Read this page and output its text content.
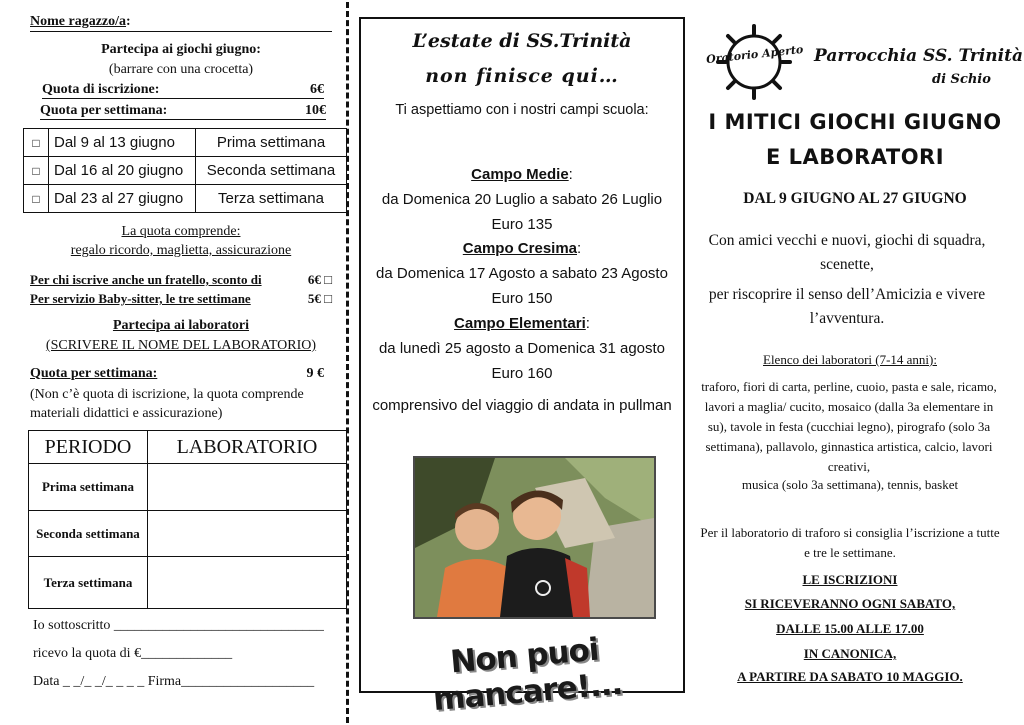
Nome ragazzo/a:
Partecipa ai giochi giugno:
(barrare con una crocetta)
Quota di iscrizione:	6€
Quota per settimana:	10€
□	Dal 9 al 13 giugno	Prima settimana
□	Dal 16 al 20 giugno	Seconda settimana
□	Dal 23 al 27 giugno	Terza settimana
La quota comprende:
regalo ricordo, maglietta, assicurazione
Per chi iscrive anche un fratello, sconto di	6€ □
Per servizio Baby-sitter, le tre settimane	5€ □
Partecipa ai laboratori
(SCRIVERE IL NOME DEL LABORATORIO)
Quota per settimana:	9 €
(Non c’è quota di iscrizione, la quota comprende materiali didattici e assicurazione)
PERIODO	LABORATORIO
Prima settimana	
Seconda settimana	
Terza settimana	
Io sottoscritto ______________________________
ricevo la quota di €_____________
Data _ _/_ _/_ _ _ _ Firma___________________
L’estate di SS.Trinità
non finisce qui…
Ti aspettiamo con i nostri campi scuola:
Campo Medie:
da Domenica 20 Luglio a sabato 26 Luglio
Euro 135
Campo Cresima:
da Domenica 17 Agosto a sabato 23 Agosto
Euro 150
Campo Elementari:
da lunedì 25 agosto a Domenica 31 agosto
Euro 160
comprensivo del viaggio di andata in pullman
Non puoi mancare!...
Oratorio Aperto Parrocchia SS. Trinità
di Schio
I MITICI GIOCHI GIUGNO
E LABORATORI
DAL 9 GIUGNO AL 27 GIUGNO
Con amici vecchi e nuovi, giochi di squadra, scenette,
per riscoprire il senso dell’Amicizia e vivere l’avventura.
Elenco dei laboratori (7-14 anni):
traforo, fiori di carta, perline, cuoio, pasta e sale, ricamo, lavori a maglia/ cucito, mosaico (dalla 3a elementare in su), tavole in festa (cucchiai legno), pirografo (solo 3a settimana), pallavolo, ginnastica artistica, calcio, lavori creativi,
musica (solo 3a settimana), tennis, basket
Per il laboratorio di traforo si consiglia l’iscrizione a tutte e tre le settimane.
LE ISCRIZIONI
SI RICEVERANNO OGNI SABATO,
DALLE 15.00 ALLE 17.00
IN CANONICA,
A PARTIRE DA SABATO 10 MAGGIO.
